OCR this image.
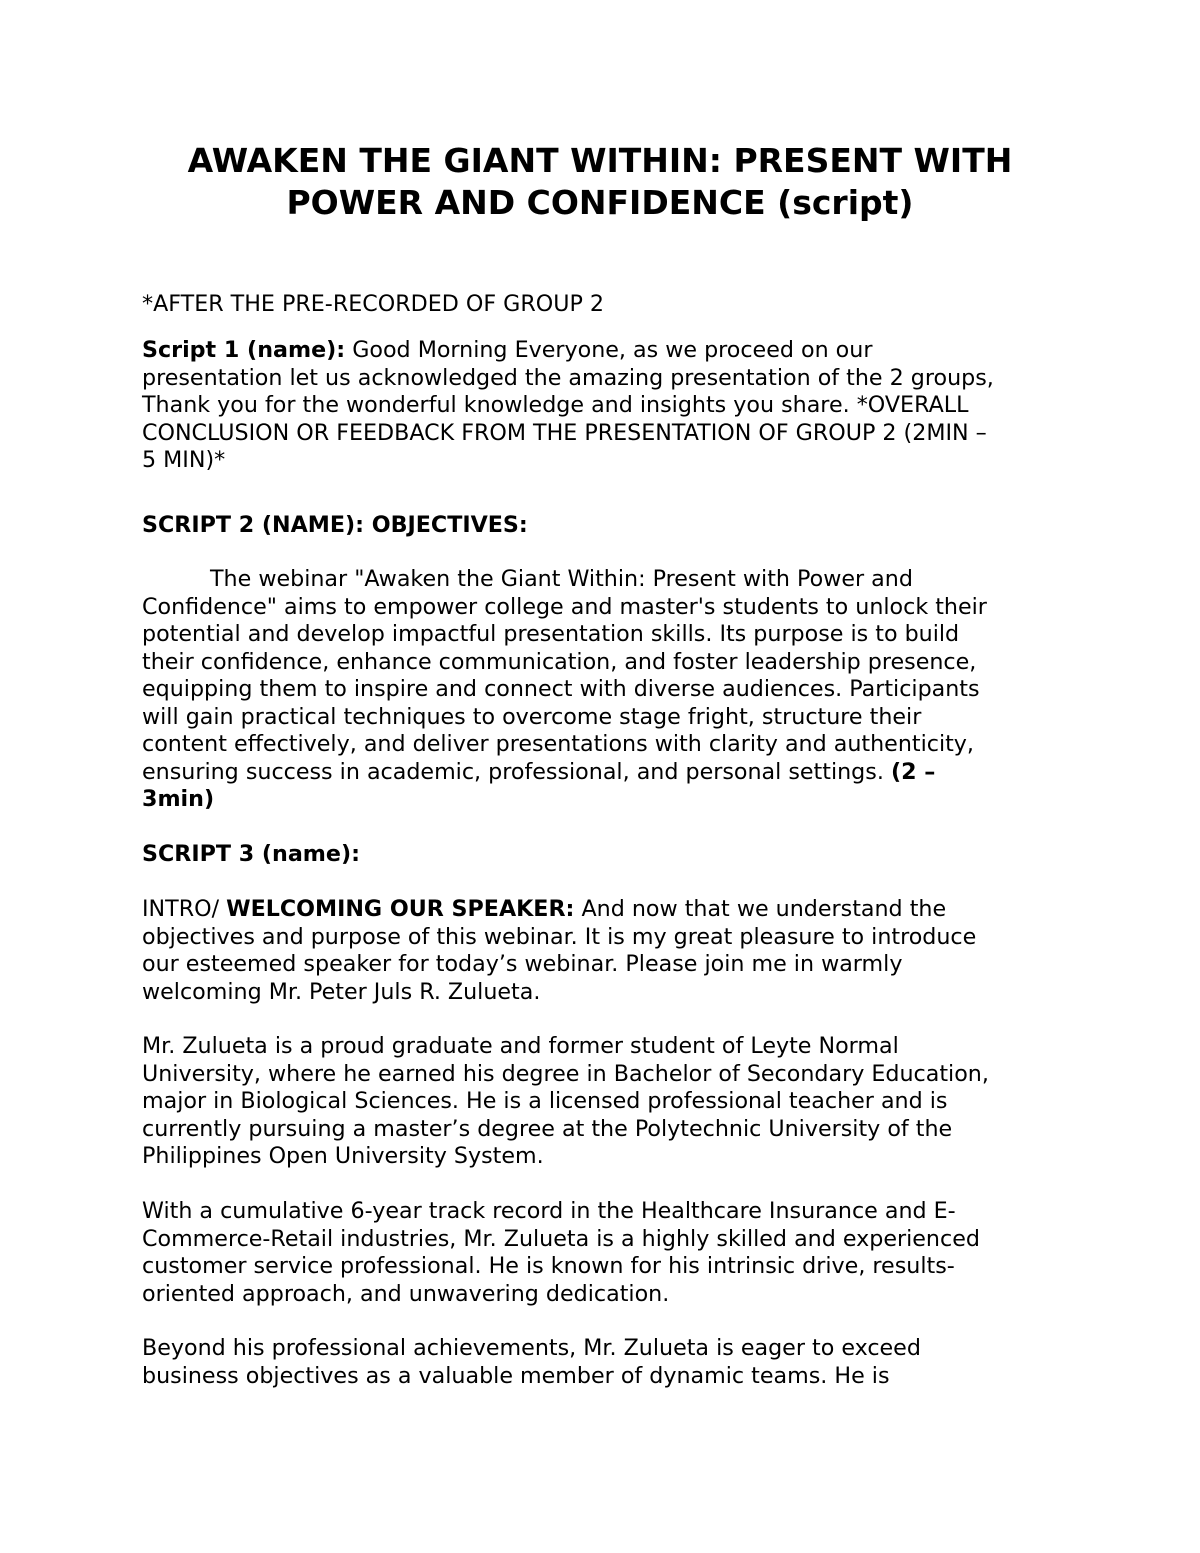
AWAKEN THE GIANT WITHIN: PRESENT WITH
POWER AND CONFIDENCE (script)

*AFTER THE PRE-RECORDED OF GROUP 2

Script 1 (name): Good Morning Everyone, as we proceed on our
presentation let us acknowledged the amazing presentation of the 2 groups,
Thank you for the wonderful knowledge and insights you share. *OVERALL
CONCLUSION OR FEEDBACK FROM THE PRESENTATION OF GROUP 2 (2MIN –
5 MIN)*

SCRIPT 2 (NAME): OBJECTIVES:

The webinar "Awaken the Giant Within: Present with Power and
Confidence" aims to empower college and master's students to unlock their
potential and develop impactful presentation skills. Its purpose is to build
their confidence, enhance communication, and foster leadership presence,
equipping them to inspire and connect with diverse audiences. Participants
will gain practical techniques to overcome stage fright, structure their
content effectively, and deliver presentations with clarity and authenticity,
ensuring success in academic, professional, and personal settings. (2 –
3min)

SCRIPT 3 (name):

INTRO/ WELCOMING OUR SPEAKER: And now that we understand the
objectives and purpose of this webinar. It is my great pleasure to introduce
our esteemed speaker for today’s webinar. Please join me in warmly
welcoming Mr. Peter Juls R. Zulueta.
Mr. Zulueta is a proud graduate and former student of Leyte Normal
University, where he earned his degree in Bachelor of Secondary Education,
major in Biological Sciences. He is a licensed professional teacher and is
currently pursuing a master’s degree at the Polytechnic University of the
Philippines Open University System.
With a cumulative 6-year track record in the Healthcare Insurance and E-
Commerce-Retail industries, Mr. Zulueta is a highly skilled and experienced
customer service professional. He is known for his intrinsic drive, results-
oriented approach, and unwavering dedication.
Beyond his professional achievements, Mr. Zulueta is eager to exceed
business objectives as a valuable member of dynamic teams. He is
